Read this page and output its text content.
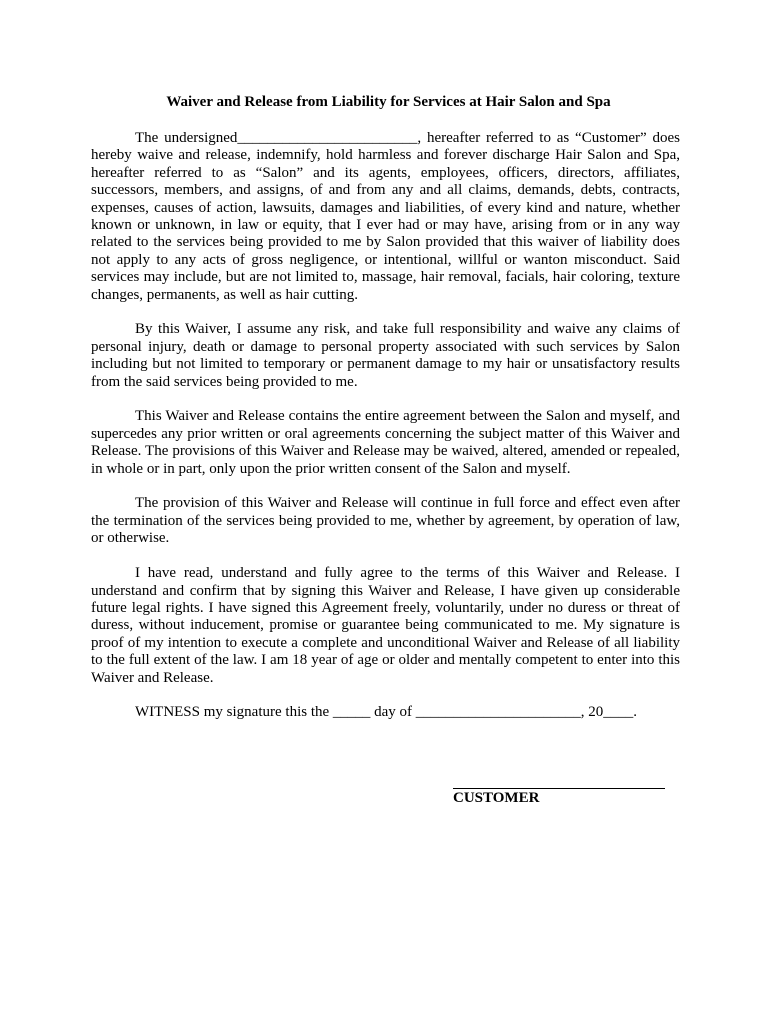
Waiver and Release from Liability for Services at Hair Salon and Spa

The undersigned________________________, hereafter referred to as “Customer” does hereby waive and release, indemnify, hold harmless and forever discharge Hair Salon and Spa, hereafter referred to as “Salon” and its agents, employees, officers, directors, affiliates, successors, members, and assigns, of and from any and all claims, demands, debts, contracts, expenses, causes of action, lawsuits, damages and liabilities, of every kind and nature, whether known or unknown, in law or equity, that I ever had or may have, arising from or in any way related to the services being provided to me by Salon provided that this waiver of liability does not apply to any acts of gross negligence, or intentional, willful or wanton misconduct. Said services may include, but are not limited to, massage, hair removal, facials, hair coloring, texture changes, permanents, as well as hair cutting.

By this Waiver, I assume any risk, and take full responsibility and waive any claims of personal injury, death or damage to personal property associated with such services by Salon including but not limited to temporary or permanent damage to my hair or unsatisfactory results from the said services being provided to me.

This Waiver and Release contains the entire agreement between the Salon and myself, and supercedes any prior written or oral agreements concerning the subject matter of this Waiver and Release. The provisions of this Waiver and Release may be waived, altered, amended or repealed, in whole or in part, only upon the prior written consent of the Salon and myself.

The provision of this Waiver and Release will continue in full force and effect even after the termination of the services being provided to me, whether by agreement, by operation of law, or otherwise.

I have read, understand and fully agree to the terms of this Waiver and Release. I understand and confirm that by signing this Waiver and Release, I have given up considerable future legal rights. I have signed this Agreement freely, voluntarily, under no duress or threat of duress, without inducement, promise or guarantee being communicated to me. My signature is proof of my intention to execute a complete and unconditional Waiver and Release of all liability to the full extent of the law. I am 18 year of age or older and mentally competent to enter into this Waiver and Release.

WITNESS my signature this the _____ day of ______________________, 20____.

CUSTOMER
